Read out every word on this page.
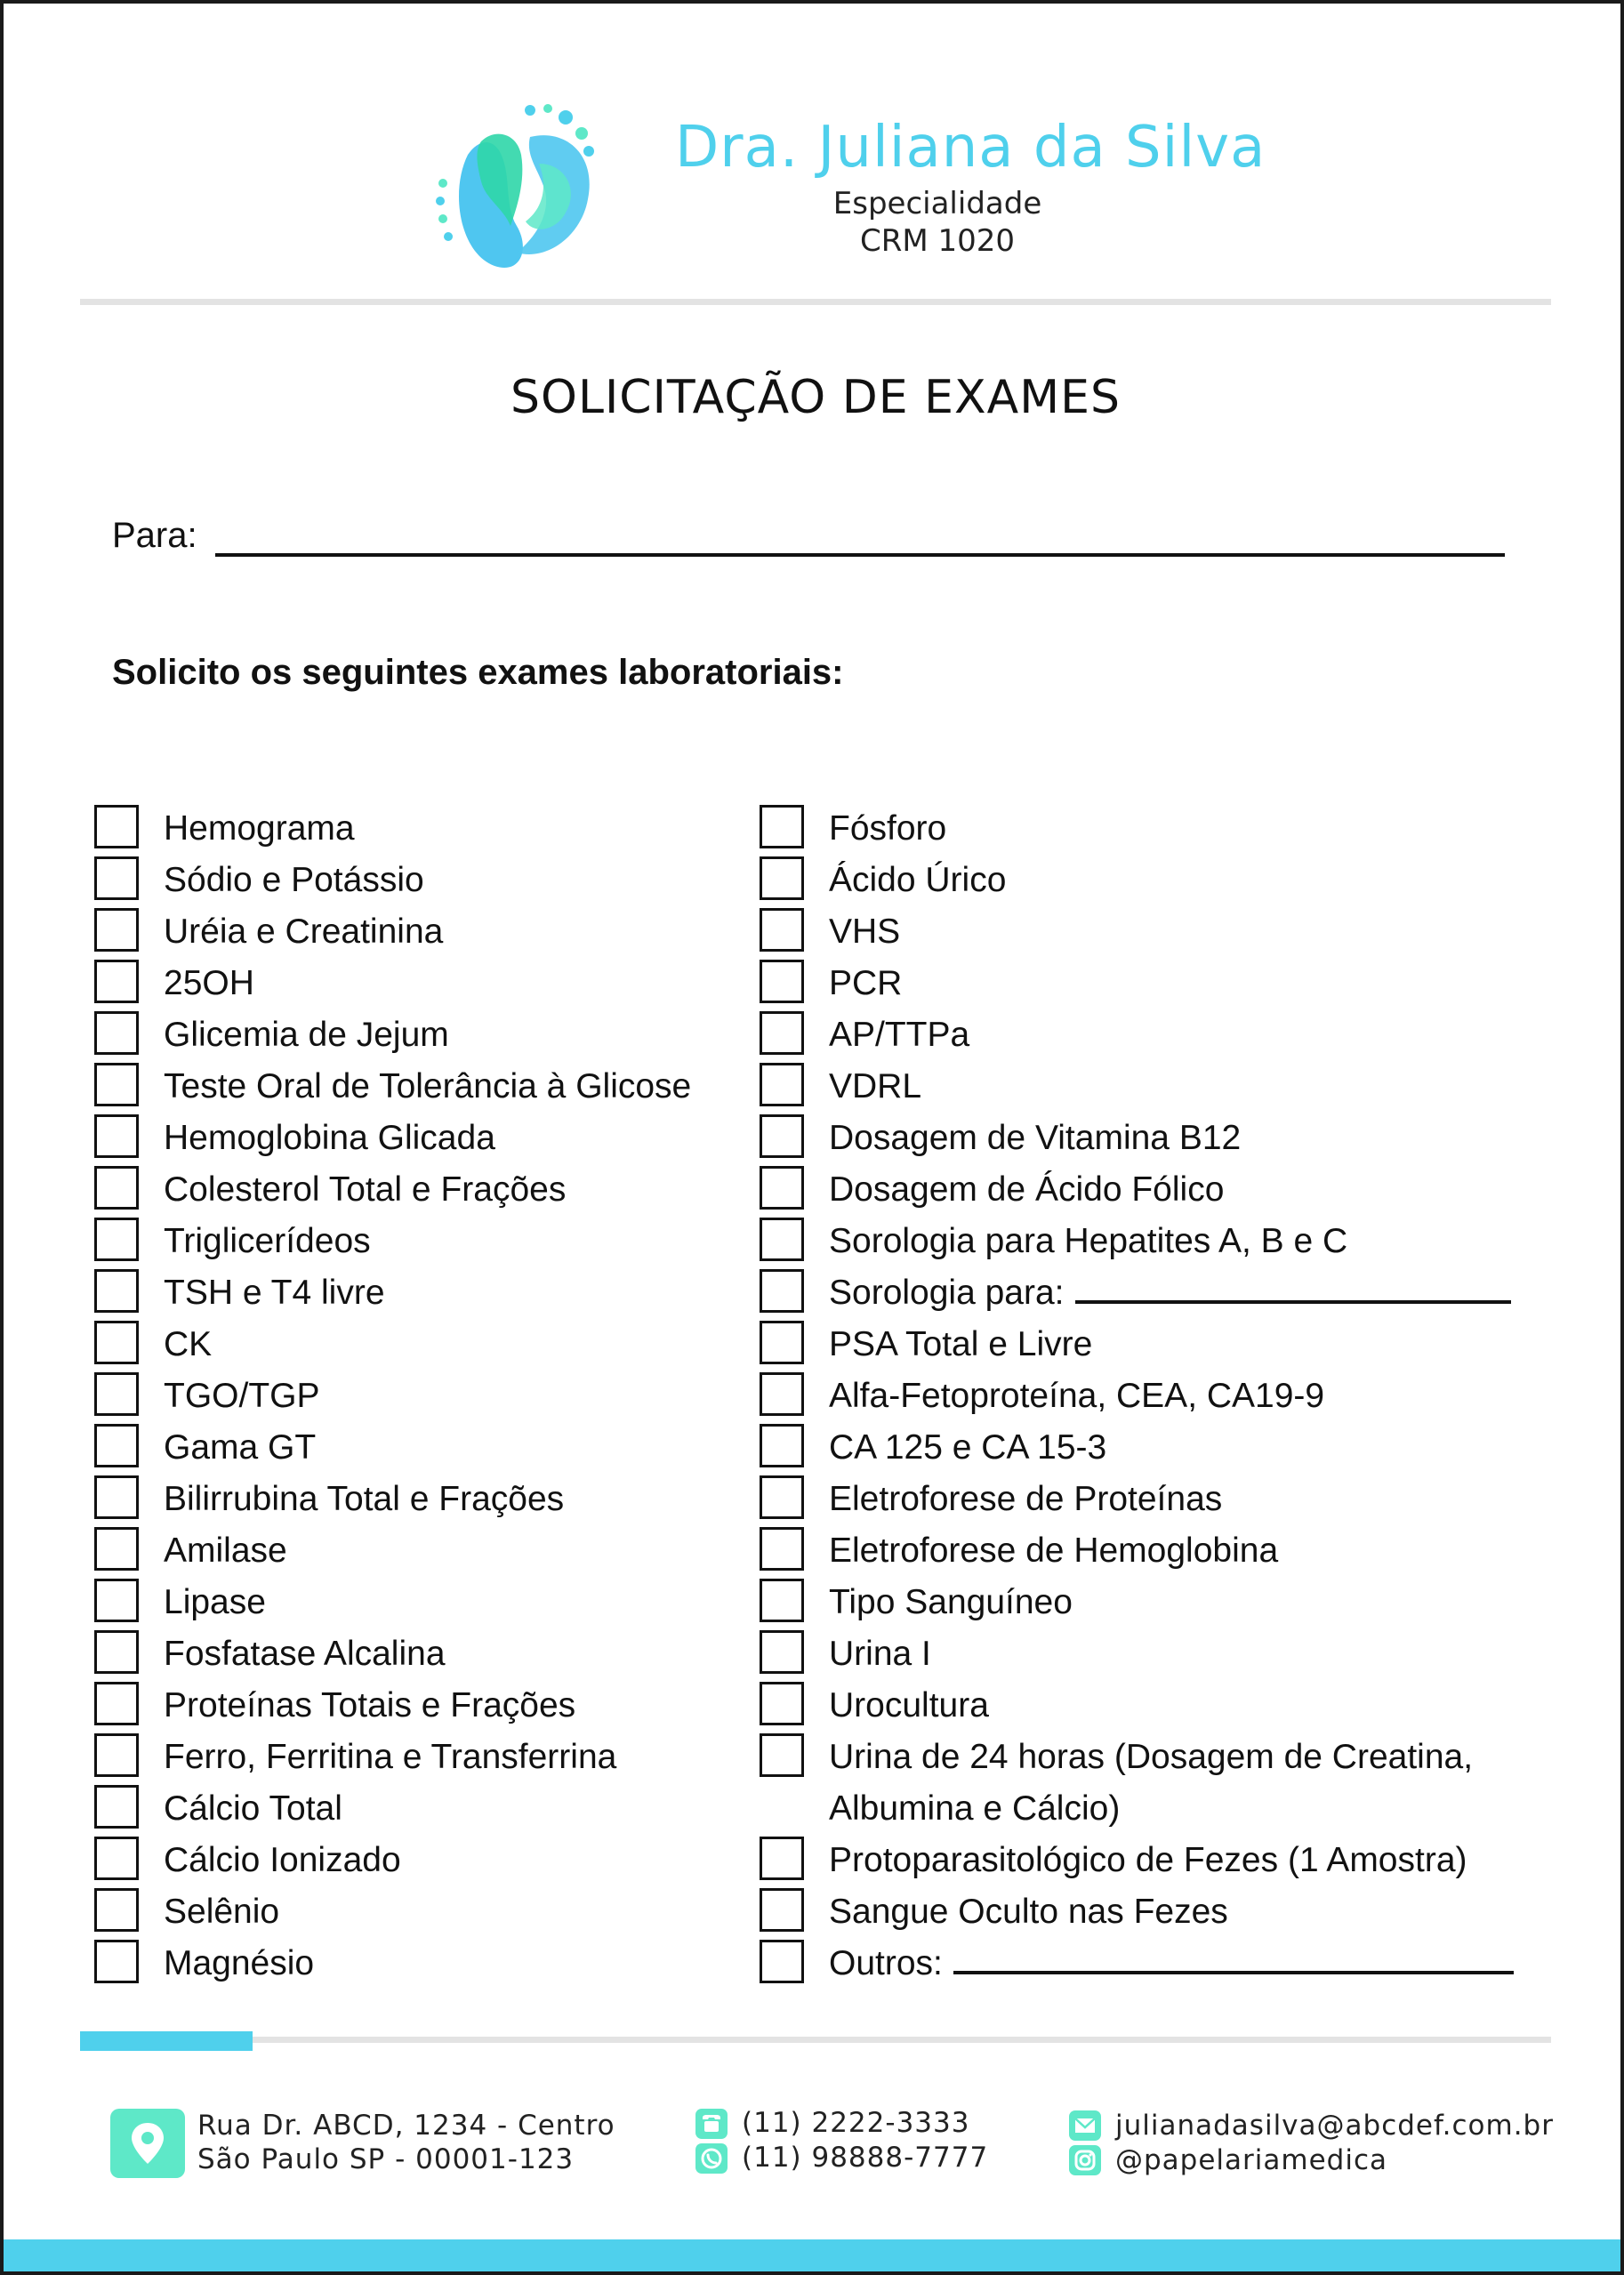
Dra. Juliana da Silva
Especialidade
CRM 1020
SOLICITAÇÃO DE EXAMES
Para:
Solicito os seguintes exames laboratoriais:
Hemograma
Sódio e Potássio
Uréia e Creatinina
25OH
Glicemia de Jejum
Teste Oral de Tolerância à Glicose
Hemoglobina Glicada
Colesterol Total e Frações
Triglicerídeos
TSH e T4 livre
CK
TGO/TGP
Gama GT
Bilirrubina Total e Frações
Amilase
Lipase
Fosfatase Alcalina
Proteínas Totais e Frações
Ferro, Ferritina e Transferrina
Cálcio Total
Cálcio Ionizado
Selênio
Magnésio
Fósforo
Ácido Úrico
VHS
PCR
AP/TTPa
VDRL
Dosagem de Vitamina B12
Dosagem de Ácido Fólico
Sorologia para Hepatites A, B e C
Sorologia para:
PSA Total e Livre
Alfa-Fetoproteína, CEA, CA19-9
CA 125 e CA 15-3
Eletroforese de Proteínas
Eletroforese de Hemoglobina
Tipo Sanguíneo
Urina I
Urocultura
Urina de 24 horas (Dosagem de Creatina,
Albumina e Cálcio)
Protoparasitológico de Fezes (1 Amostra)
Sangue Oculto nas Fezes
Outros:
Rua Dr. ABCD, 1234 - Centro
São Paulo SP - 00001-123
(11) 2222-3333
(11) 98888-7777
julianadasilva@abcdef.com.br
@papelariamedica
